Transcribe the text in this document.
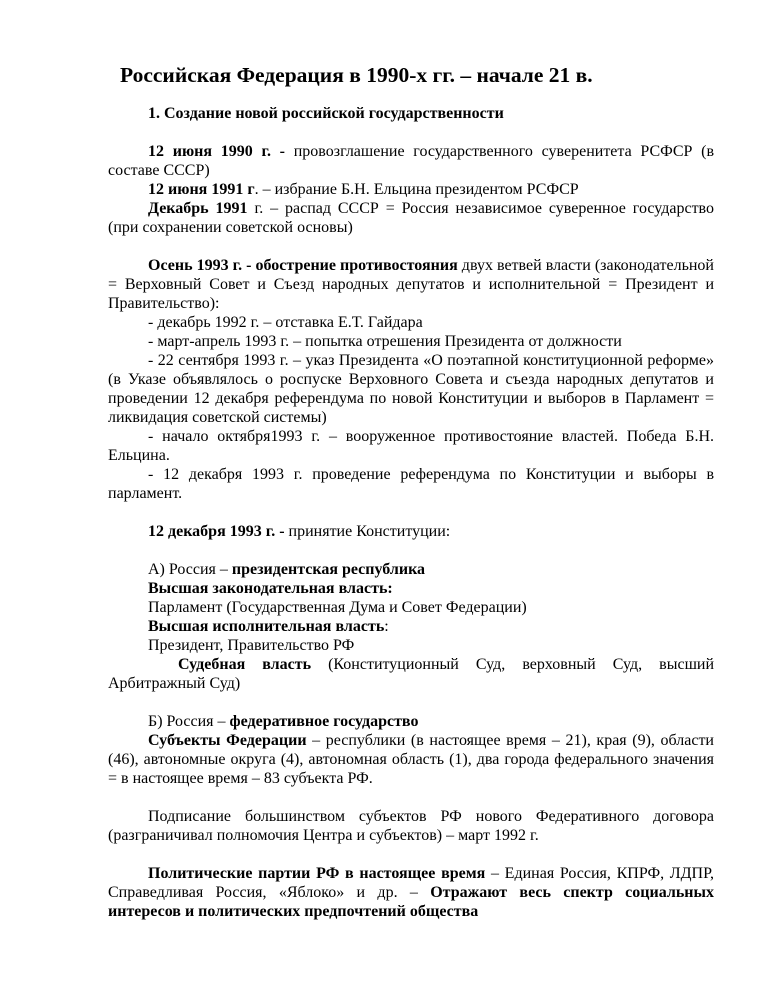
Российская Федерация в 1990-х гг. – начале 21 в.
1. Создание новой российской государственности

12 июня 1990 г. - провозглашение государственного суверенитета РСФСР (в составе СССР)

12 июня 1991 г. – избрание Б.Н. Ельцина президентом РСФСР

Декабрь 1991 г. – распад СССР = Россия независимое суверенное государство (при сохранении советской основы)

Осень 1993 г. - обострение противостояния двух ветвей власти (законодательной = Верховный Совет и Съезд народных депутатов и исполнительной = Президент и Правительство):

- декабрь 1992 г. – отставка Е.Т. Гайдара

- март-апрель 1993 г. – попытка отрешения Президента от должности

- 22 сентября 1993 г. – указ Президента «О поэтапной конституционной реформе» (в Указе объявлялось о роспуске Верховного Совета и съезда народных депутатов и проведении 12 декабря референдума по новой Конституции и выборов в Парламент = ликвидация советской системы)

- начало октября1993 г. – вооруженное противостояние властей. Победа Б.Н. Ельцина.

- 12 декабря 1993 г. проведение референдума по Конституции и выборы в парламент.

12 декабря 1993 г. - принятие Конституции:

А) Россия – президентская республика

Высшая законодательная власть:

Парламент (Государственная Дума и Совет Федерации)

Высшая исполнительная власть:

Президент, Правительство РФ

Судебная власть (Конституционный Суд, верховный Суд, высший Арбитражный Суд)

Б) Россия – федеративное государство

Субъекты Федерации – республики (в настоящее время – 21), края (9), области (46), автономные округа (4), автономная область (1), два города федерального значения = в настоящее время – 83 субъекта РФ.

Подписание большинством субъектов РФ нового Федеративного договора (разграничивал полномочия Центра и субъектов) – март 1992 г.

Политические партии РФ в настоящее время – Единая Россия, КПРФ, ЛДПР, Справедливая Россия, «Яблоко» и др. – Отражают весь спектр социальных интересов и политических предпочтений общества
